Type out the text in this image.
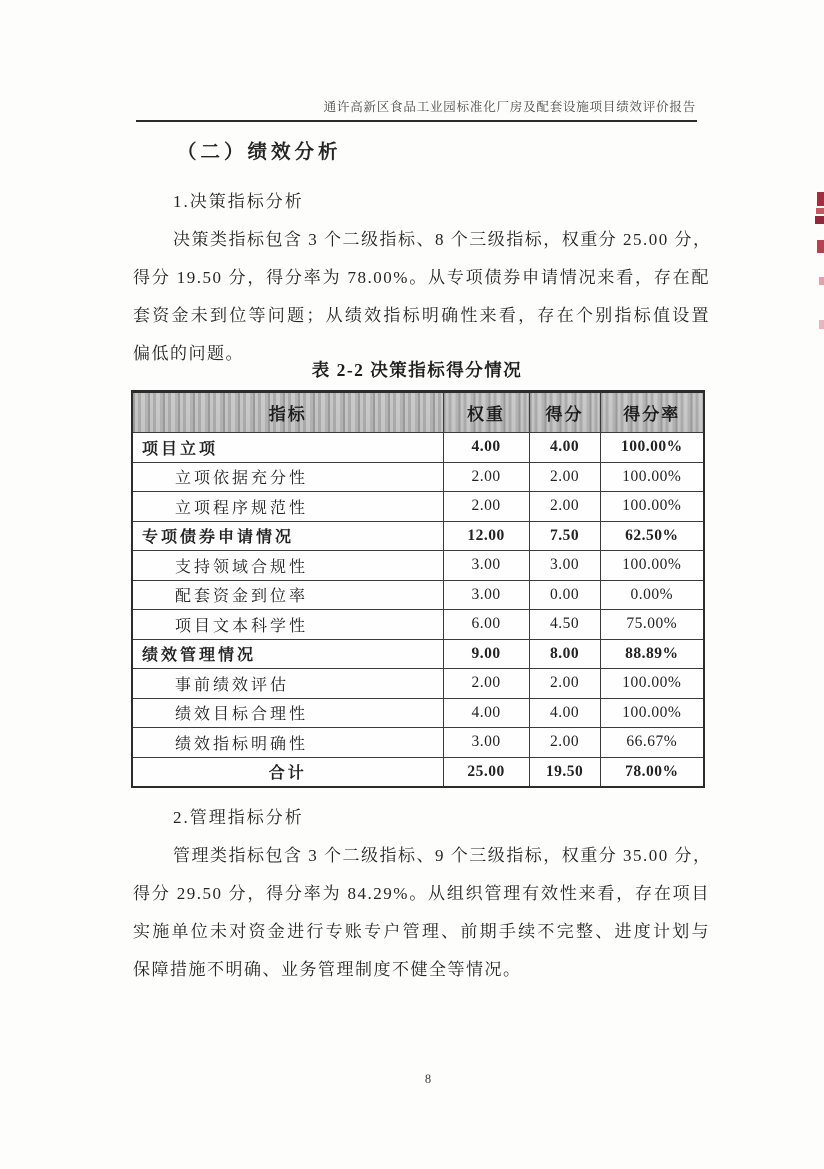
通许高新区食品工业园标准化厂房及配套设施项目绩效评价报告
（二）绩效分析
1.决策指标分析
决策类指标包含 3 个二级指标、8 个三级指标，权重分 25.00 分，
得分 19.50 分，得分率为 78.00%。从专项债券申请情况来看，存在配
套资金未到位等问题；从绩效指标明确性来看，存在个别指标值设置
偏低的问题。
表 2-2 决策指标得分情况
指标	权重	得分	得分率
项目立项	4.00	4.00	100.00%
立项依据充分性	2.00	2.00	100.00%
立项程序规范性	2.00	2.00	100.00%
专项债券申请情况	12.00	7.50	62.50%
支持领域合规性	3.00	3.00	100.00%
配套资金到位率	3.00	0.00	0.00%
项目文本科学性	6.00	4.50	75.00%
绩效管理情况	9.00	8.00	88.89%
事前绩效评估	2.00	2.00	100.00%
绩效目标合理性	4.00	4.00	100.00%
绩效指标明确性	3.00	2.00	66.67%
合计	25.00	19.50	78.00%
2.管理指标分析
管理类指标包含 3 个二级指标、9 个三级指标，权重分 35.00 分，
得分 29.50 分，得分率为 84.29%。从组织管理有效性来看，存在项目
实施单位未对资金进行专账专户管理、前期手续不完整、进度计划与
保障措施不明确、业务管理制度不健全等情况。
8
